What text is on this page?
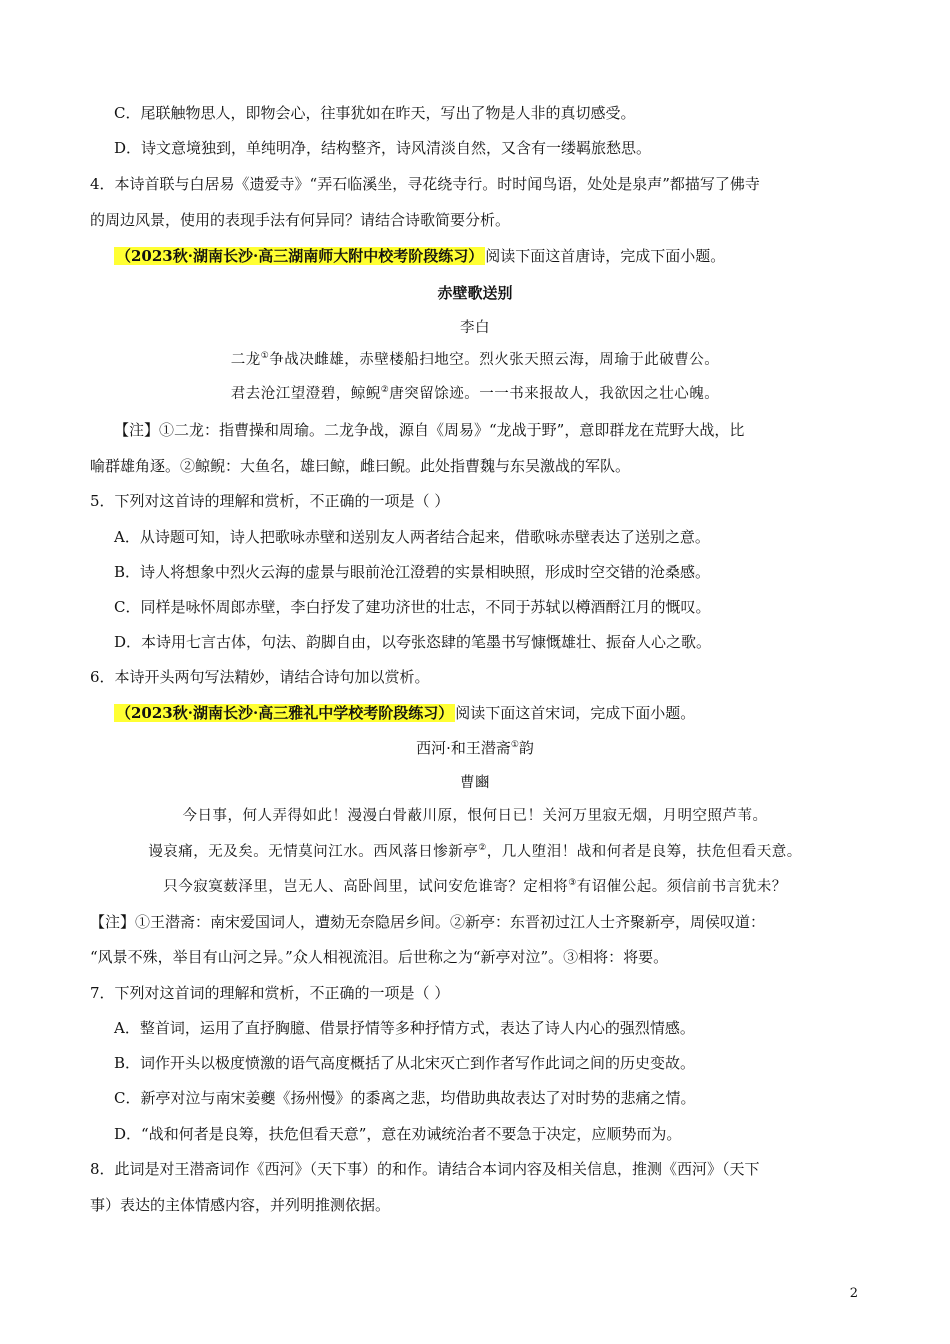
C．尾联触物思人，即物会心，往事犹如在昨天，写出了物是人非的真切感受。
D．诗文意境独到，单纯明净，结构整齐，诗风清淡自然，又含有一缕羁旅愁思。
4．本诗首联与白居易《遗爱寺》“弄石临溪坐，寻花绕寺行。时时闻鸟语，处处是泉声”都描写了佛寺
的周边风景，使用的表现手法有何异同？请结合诗歌简要分析。
（2023秋·湖南长沙·高三湖南师大附中校考阶段练习） 阅读下面这首唐诗，完成下面小题。
赤壁歌送别
李白
二龙①争战决雌雄，赤壁楼船扫地空。烈火张天照云海，周瑜于此破曹公。
君去沧江望澄碧，鲸鲵②唐突留馀迹。一一书来报故人，我欲因之壮心魄。
【注】①二龙：指曹操和周瑜。二龙争战，源自《周易》“龙战于野”，意即群龙在荒野大战，比
喻群雄角逐。②鲸鲵：大鱼名，雄曰鲸，雌曰鲵。此处指曹魏与东吴激战的军队。
5．下列对这首诗的理解和赏析，不正确的一项是（ ）
A．从诗题可知，诗人把歌咏赤壁和送别友人两者结合起来，借歌咏赤壁表达了送别之意。
B．诗人将想象中烈火云海的虚景与眼前沧江澄碧的实景相映照，形成时空交错的沧桑感。
C．同样是咏怀周郎赤壁，李白抒发了建功济世的壮志，不同于苏轼以樽酒酹江月的慨叹。
D．本诗用七言古体，句法、韵脚自由，以夸张恣肆的笔墨书写慷慨雄壮、振奋人心之歌。
6．本诗开头两句写法精妙，请结合诗句加以赏析。
（2023秋·湖南长沙·高三雅礼中学校考阶段练习） 阅读下面这首宋词，完成下面小题。
西河·和王潜斋①韵
曹豳
今日事，何人弄得如此！漫漫白骨蔽川原，恨何日已！关河万里寂无烟，月明空照芦苇。
谩哀痛，无及矣。无情莫问江水。西风落日惨新亭②，几人堕泪！战和何者是良筹，扶危但看天意。
只今寂寞薮泽里，岂无人、高卧闾里，试问安危谁寄？定相将③有诏催公起。须信前书言犹未？
【注】①王潜斋：南宋爱国词人，遭劾无奈隐居乡间。②新亭：东晋初过江人士齐聚新亭，周侯叹道：
“风景不殊，举目有山河之异。”众人相视流泪。后世称之为“新亭对泣”。③相将：将要。
7．下列对这首词的理解和赏析，不正确的一项是（ ）
A．整首词，运用了直抒胸臆、借景抒情等多种抒情方式，表达了诗人内心的强烈情感。
B．词作开头以极度愤激的语气高度概括了从北宋灭亡到作者写作此词之间的历史变故。
C．新亭对泣与南宋姜夔《扬州慢》的黍离之悲，均借助典故表达了对时势的悲痛之情。
D．“战和何者是良筹，扶危但看天意”，意在劝诫统治者不要急于决定，应顺势而为。
8．此词是对王潜斋词作《西河》（天下事）的和作。请结合本词内容及相关信息，推测《西河》（天下
事）表达的主体情感内容，并列明推测依据。
2
